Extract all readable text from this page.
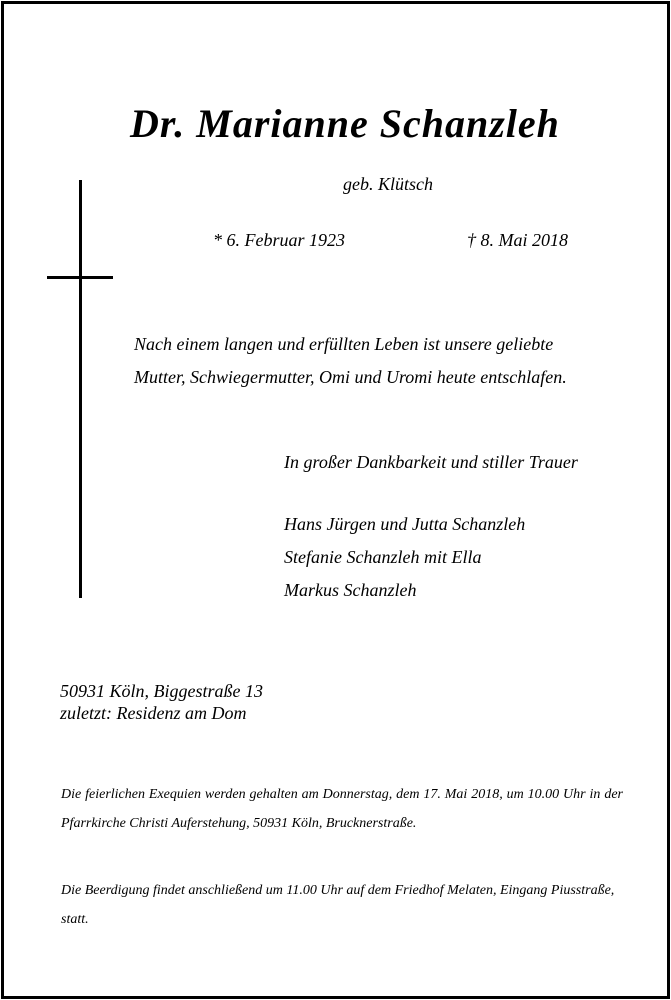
Dr. Marianne Schanzleh
geb. Klütsch
* 6. Februar 1923	† 8. Mai 2018
Nach einem langen und erfüllten Leben ist unsere geliebte
Mutter, Schwiegermutter, Omi und Uromi heute entschlafen.
In großer Dankbarkeit und stiller Trauer
Hans Jürgen und Jutta Schanzleh
Stefanie Schanzleh mit Ella
Markus Schanzleh
50931 Köln, Biggestraße 13
zuletzt: Residenz am Dom
Die feierlichen Exequien werden gehalten am Donnerstag, dem 17. Mai 2018, um 10.00 Uhr in der Pfarrkirche Christi Auferstehung, 50931 Köln, Brucknerstraße.
Die Beerdigung findet anschließend um 11.00 Uhr auf dem Friedhof Melaten, Eingang Piusstraße, statt.
